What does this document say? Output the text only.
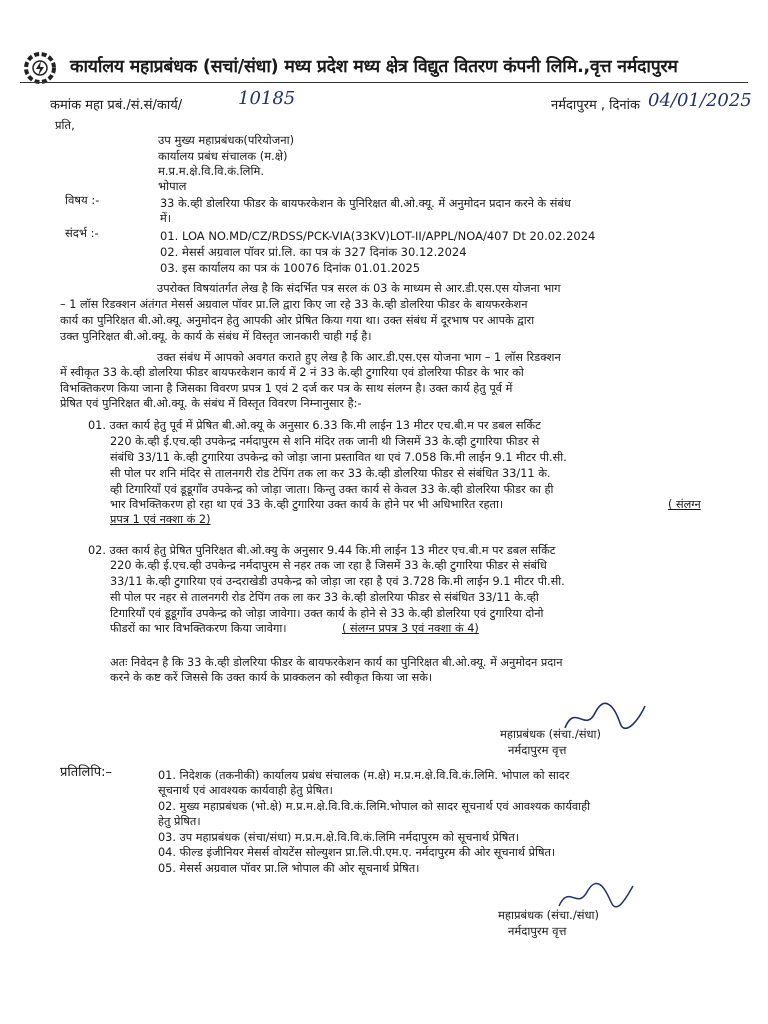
कार्यालय महाप्रबंधक (सचां/संधा) मध्य प्रदेश मध्य क्षेत्र विद्युत वितरण कंपनी लिमि.,वृत्त नर्मदापुरम
कमांक महा प्रबं./सं.सं/कार्य/	10185	नर्मदापुरम , दिनांक 04/01/2025
प्रति,
उप मुख्य महाप्रबंधक(परियोजना)
कार्यालय प्रबंध संचालक (म.क्षे)
म.प्र.म.क्षे.वि.वि.कं.लिमि.
भोपाल
विषय :-	33 के.व्ही डोलरिया फीडर के बायफरकेशन के पुनिरिक्षत बी.ओ.क्यू. में अनुमोदन प्रदान करने के संबंध
में।
संदर्भ :-	01. LOA NO.MD/CZ/RDSS/PCK-VIA(33KV)LOT-II/APPL/NOA/407 Dt 20.02.2024
02. मेसर्स अग्रवाल पॉवर प्रां.लि. का पत्र कं 327 दिनांक 30.12.2024
03. इस कार्यालय का पत्र कं 10076 दिनांक 01.01.2025
उपरोक्त विषयांतर्गत लेख है कि संदर्भित पत्र सरल कं 03 के माध्यम से आर.डी.एस.एस योजना भाग
– 1 लॉस रिडक्शन अंतंगत मेसर्स अग्रवाल पॉवर प्रा.लि द्वारा किए जा रहे 33 के.व्ही डोलरिया फीडर के बायफरकेशन
कार्य का पुनिरिक्षत बी.ओ.क्यू. अनुमोदन हेतु आपकी ओर प्रेषित किया गया था। उक्त संबंध में दूरभाष पर आपके द्वारा
उक्त पुनिरिक्षत बी.ओ.क्यू. के कार्य के संबंध में विस्तृत जानकारी चाही गई है।
उक्त संबंध में आपको अवगत कराते हुए लेख है कि आर.डी.एस.एस योजना भाग – 1 लॉस रिडक्शन
में स्वीकृत 33 के.व्ही डोलरिया फीडर बायफरकेशन कार्य में 2 नं 33 के.व्ही टुगारिया एवं डोलरिया फीडर के भार को
विभक्तिकरण किया जाना है जिसका विवरण प्रपत्र 1 एवं 2 दर्ज कर पत्र के साथ संलग्न है। उक्त कार्य हेतु पूर्व में
प्रेषित एवं पुनिरिक्षत बी.ओ.क्यू. के संबंध में विस्तृत विवरण निम्नानुसार है:-
01. उक्त कार्य हेतु पूर्व में प्रेषित बी.ओ.क्यू के अनुसार 6.33 कि.मी लाईन 13 मीटर एच.बी.म पर डबल सर्किट
220 के.व्ही ई.एच.व्ही उपकेन्द्र नर्मदापुरम से शनि मंदिर तक जानी थी जिसमें 33 के.व्ही टुगारिया फीडर से
संबंधि 33/11 के.व्ही टुगारिया उपकेन्द्र को जोड़ा जाना प्रस्तावित था एवं 7.058 कि.मी लाईन 9.1 मीटर पी.सी.
सी पोल पर शनि मंदिर से तालनगरी रोड टेपिंग तक ला कर 33 के.व्ही डोलरिया फीडर से संबंधित 33/11 के.
व्ही टिगारियाँ एवं डूडूगाँव उपकेन्द्र को जोड़ा जाता। किन्तु उक्त कार्य से केवल 33 के.व्ही डोलरिया फीडर का ही
भार विभक्तिकरण हो रहा था एवं 33 के.व्ही टुगारिया उक्त कार्य के होने पर भी अधिभारित रहता।	( संलग्न
प्रपत्र 1 एवं नक्शा कं 2)
02. उक्त कार्य हेतु प्रेषित पुनिरिक्षत बी.ओ.क्यु के अनुसार 9.44 कि.मी लाईन 13 मीटर एच.बी.म पर डबल सर्किट
220 के.व्ही ई.एच.व्ही उपकेन्द्र नर्मदापुरम से नहर तक जा रहा है जिसमें 33 के.व्ही टुगारिया फीडर से संबंधि
33/11 के.व्ही टुगारिया एवं उन्दराखेडी उपकेन्द्र को जोड़ा जा रहा है एवं 3.728 कि.मी लाईन 9.1 मीटर पी.सी.
सी पोल पर नहर से तालनगरी रोड टेपिंग तक ला कर 33 के.व्ही डोलरिया फीडर से संबंधित 33/11 के.व्ही
टिगारियाँ एवं डूडूगाँव उपकेन्द्र को जोड़ा जावेगा। उक्त कार्य के होने से 33 के.व्ही डोलरिया एवं टुगारिया दोनो
फीडरों का भार विभक्तिकरण किया जावेगा।	( संलग्न प्रपत्र 3 एवं नक्शा कं 4)
अतः निवेदन है कि 33 के.व्ही डोलरिया फीडर के बायफरकेशन कार्य का पुनिरिक्षत बी.ओ.क्यू. में अनुमोदन प्रदान
करने के कष्ट करें जिससे कि उक्त कार्य के प्राक्कलन को स्वीकृत किया जा सके।
महाप्रबंधक (संचा./संधा)
नर्मदापुरम वृत्त
प्रतिलिपि:–	01. निदेशक (तकनीकी) कार्यालय प्रबंध संचालक (म.क्षे) म.प्र.म.क्षे.वि.वि.कं.लिमि. भोपाल को सादर
सूचनार्थ एवं आवश्यक कार्यवाही हेतु प्रेषित।
02. मुख्य महाप्रबंधक (भो.क्षे) म.प्र.म.क्षे.वि.वि.कं.लिमि.भोपाल को सादर सूचनार्थ एवं आवश्यक कार्यवाही
हेतु प्रेषित।
03. उप महाप्रबंधक (संचा/संधा) म.प्र.म.क्षे.वि.वि.कं.लिमि नर्मदापुरम को सूचनार्थ प्रेषित।
04. फील्ड इंजीनियर मेसर्स वोयटेंस सोल्युशन प्रा.लि.पी.एम.ए. नर्मदापुरम की ओर सूचनार्थ प्रेषित।
05. मेसर्स अग्रवाल पॉवर प्रा.लि भोपाल की ओर सूचनार्थ प्रेषित।
महाप्रबंधक (संचा./संधा)
नर्मदापुरम वृत्त
